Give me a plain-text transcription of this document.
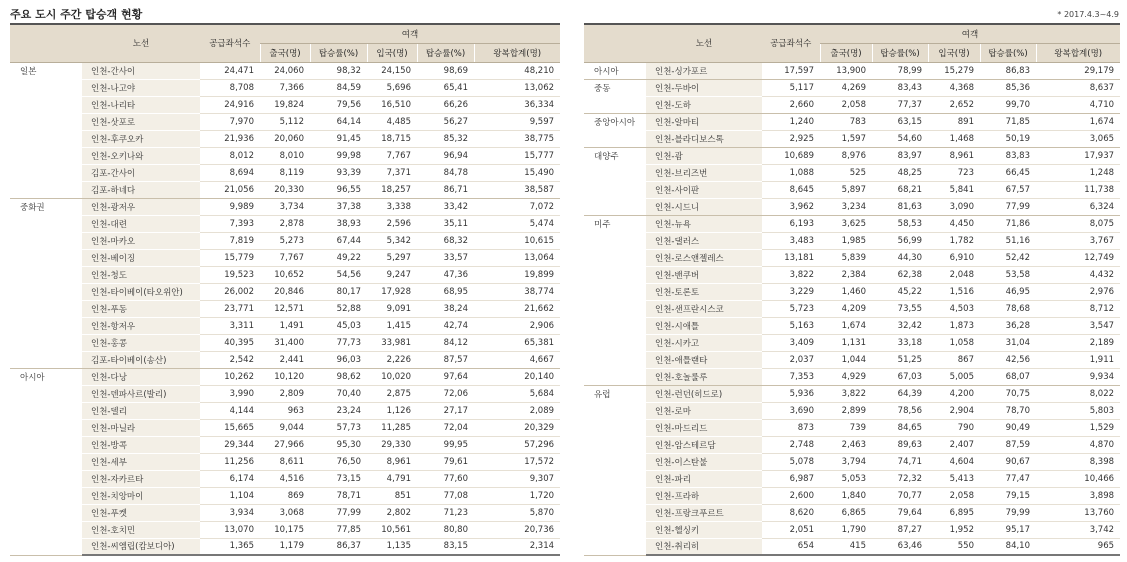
주요 도시 주간 탑승객 현황	* 2017.4.3~4.9
	노선	공급좌석수	여객				
			출국(명)	탑승률(%)	입국(명)	탑승률(%)	왕복합계(명)
일본	인천-간사이	24,471	24,060	98,32	24,150	98,69	48,210
	인천-나고야	8,708	7,366	84,59	5,696	65,41	13,062
	인천-나리타	24,916	19,824	79,56	16,510	66,26	36,334
	인천-삿포로	7,970	5,112	64,14	4,485	56,27	9,597
	인천-후쿠오카	21,936	20,060	91,45	18,715	85,32	38,775
	인천-오키나와	8,012	8,010	99,98	7,767	96,94	15,777
	김포-간사이	8,694	8,119	93,39	7,371	84,78	15,490
	김포-하네다	21,056	20,330	96,55	18,257	86,71	38,587
중화권	인천-광저우	9,989	3,734	37,38	3,338	33,42	7,072
	인천-대련	7,393	2,878	38,93	2,596	35,11	5,474
	인천-마카오	7,819	5,273	67,44	5,342	68,32	10,615
	인천-베이징	15,779	7,767	49,22	5,297	33,57	13,064
	인천-청도	19,523	10,652	54,56	9,247	47,36	19,899
	인천-타이베이(타오위안)	26,002	20,846	80,17	17,928	68,95	38,774
	인천-푸동	23,771	12,571	52,88	9,091	38,24	21,662
	인천-항저우	3,311	1,491	45,03	1,415	42,74	2,906
	인천-홍콩	40,395	31,400	77,73	33,981	84,12	65,381
	김포-타이베이(송산)	2,542	2,441	96,03	2,226	87,57	4,667
아시아	인천-다낭	10,262	10,120	98,62	10,020	97,64	20,140
	인천-덴파사르(발리)	3,990	2,809	70,40	2,875	72,06	5,684
	인천-델리	4,144	963	23,24	1,126	27,17	2,089
	인천-마닐라	15,665	9,044	57,73	11,285	72,04	20,329
	인천-방콕	29,344	27,966	95,30	29,330	99,95	57,296
	인천-세부	11,256	8,611	76,50	8,961	79,61	17,572
	인천-자카르타	6,174	4,516	73,15	4,791	77,60	9,307
	인천-치앙마이	1,104	869	78,71	851	77,08	1,720
	인천-푸켓	3,934	3,068	77,99	2,802	71,23	5,870
	인천-호치민	13,070	10,175	77,85	10,561	80,80	20,736
	인천-씨엠립(캄보디아)	1,365	1,179	86,37	1,135	83,15	2,314
	노선	공급좌석수	여객				
			출국(명)	탑승률(%)	입국(명)	탑승률(%)	왕복합계(명)
아시아	인천-싱가포르	17,597	13,900	78,99	15,279	86,83	29,179
중동	인천-두바이	5,117	4,269	83,43	4,368	85,36	8,637
	인천-도하	2,660	2,058	77,37	2,652	99,70	4,710
중앙아시아	인천-알마티	1,240	783	63,15	891	71,85	1,674
	인천-블라디보스톡	2,925	1,597	54,60	1,468	50,19	3,065
대양주	인천-괌	10,689	8,976	83,97	8,961	83,83	17,937
	인천-브리즈번	1,088	525	48,25	723	66,45	1,248
	인천-사이판	8,645	5,897	68,21	5,841	67,57	11,738
	인천-시드니	3,962	3,234	81,63	3,090	77,99	6,324
미주	인천-뉴욕	6,193	3,625	58,53	4,450	71,86	8,075
	인천-댈러스	3,483	1,985	56,99	1,782	51,16	3,767
	인천-로스앤젤레스	13,181	5,839	44,30	6,910	52,42	12,749
	인천-밴쿠버	3,822	2,384	62,38	2,048	53,58	4,432
	인천-토론토	3,229	1,460	45,22	1,516	46,95	2,976
	인천-샌프란시스코	5,723	4,209	73,55	4,503	78,68	8,712
	인천-시애틀	5,163	1,674	32,42	1,873	36,28	3,547
	인천-시카고	3,409	1,131	33,18	1,058	31,04	2,189
	인천-애틀랜타	2,037	1,044	51,25	867	42,56	1,911
	인천-호놀룰루	7,353	4,929	67,03	5,005	68,07	9,934
유럽	인천-런던(히드로)	5,936	3,822	64,39	4,200	70,75	8,022
	인천-로마	3,690	2,899	78,56	2,904	78,70	5,803
	인천-마드리드	873	739	84,65	790	90,49	1,529
	인천-암스테르담	2,748	2,463	89,63	2,407	87,59	4,870
	인천-이스탄불	5,078	3,794	74,71	4,604	90,67	8,398
	인천-파리	6,987	5,053	72,32	5,413	77,47	10,466
	인천-프라하	2,600	1,840	70,77	2,058	79,15	3,898
	인천-프랑크푸르트	8,620	6,865	79,64	6,895	79,99	13,760
	인천-헬싱키	2,051	1,790	87,27	1,952	95,17	3,742
	인천-취리히	654	415	63,46	550	84,10	965
